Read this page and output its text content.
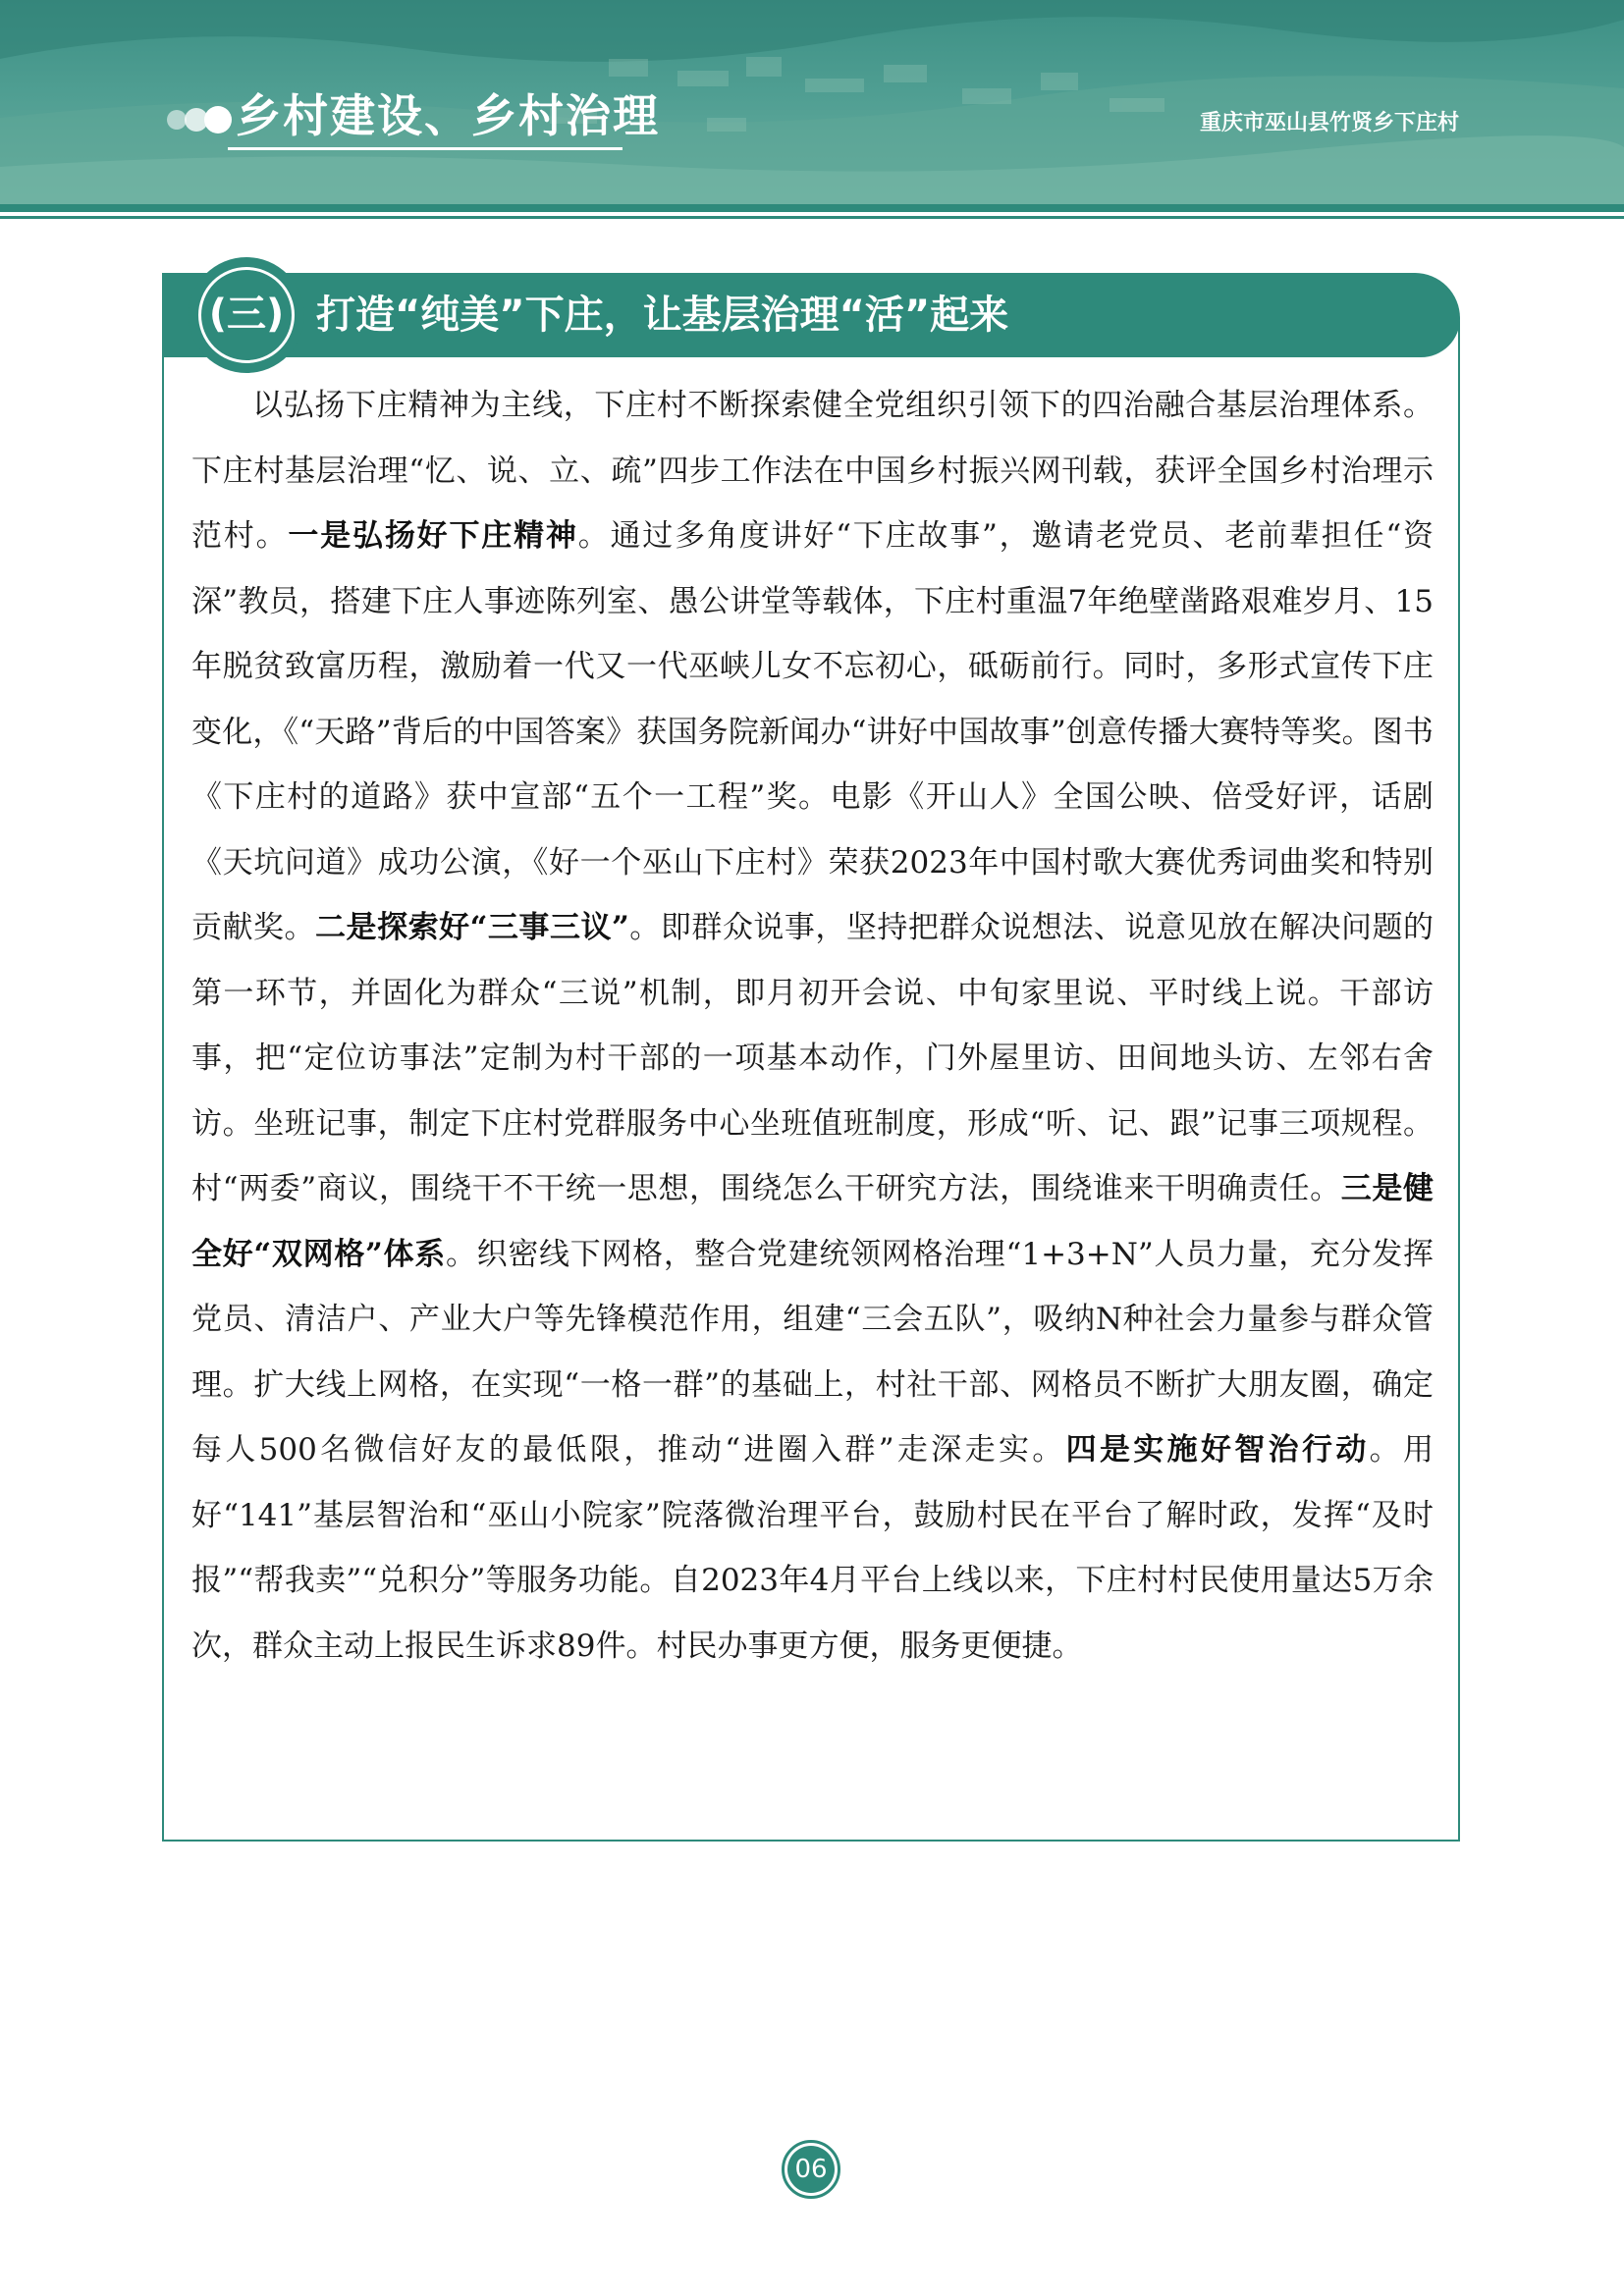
乡村建设、乡村治理	重庆市巫山县竹贤乡下庄村
(三) 打造“纯美”下庄，让基层治理“活”起来

以弘扬下庄精神为主线，下庄村不断探索健全党组织引领下的四治融合基层治理体系。下庄村基层治理“忆、说、立、疏”四步工作法在中国乡村振兴网刊载，获评全国乡村治理示范村。一是弘扬好下庄精神。通过多角度讲好“下庄故事”，邀请老党员、老前辈担任“资深”教员，搭建下庄人事迹陈列室、愚公讲堂等载体，下庄村重温7年绝壁凿路艰难岁月、15年脱贫致富历程，激励着一代又一代巫峡儿女不忘初心，砥砺前行。同时，多形式宣传下庄变化，《“天路”背后的中国答案》获国务院新闻办“讲好中国故事”创意传播大赛特等奖。图书《下庄村的道路》获中宣部“五个一工程”奖。电影《开山人》全国公映、倍受好评，话剧《天坑问道》成功公演，《好一个巫山下庄村》荣获2023年中国村歌大赛优秀词曲奖和特别贡献奖。二是探索好“三事三议”。即群众说事，坚持把群众说想法、说意见放在解决问题的第一环节，并固化为群众“三说”机制，即月初开会说、中旬家里说、平时线上说。干部访事，把“定位访事法”定制为村干部的一项基本动作，门外屋里访、田间地头访、左邻右舍访。坐班记事，制定下庄村党群服务中心坐班值班制度，形成“听、记、跟”记事三项规程。村“两委”商议，围绕干不干统一思想，围绕怎么干研究方法，围绕谁来干明确责任。三是健全好“双网格”体系。织密线下网格，整合党建统领网格治理“1+3+N”人员力量，充分发挥党员、清洁户、产业大户等先锋模范作用，组建“三会五队”，吸纳N种社会力量参与群众管理。扩大线上网格，在实现“一格一群”的基础上，村社干部、网格员不断扩大朋友圈，确定每人500名微信好友的最低限，推动“进圈入群”走深走实。四是实施好智治行动。用好“141”基层智治和“巫山小院家”院落微治理平台，鼓励村民在平台了解时政，发挥“及时报”“帮我卖”“兑积分”等服务功能。自2023年4月平台上线以来，下庄村村民使用量达5万余次，群众主动上报民生诉求89件。村民办事更方便，服务更便捷。

06
